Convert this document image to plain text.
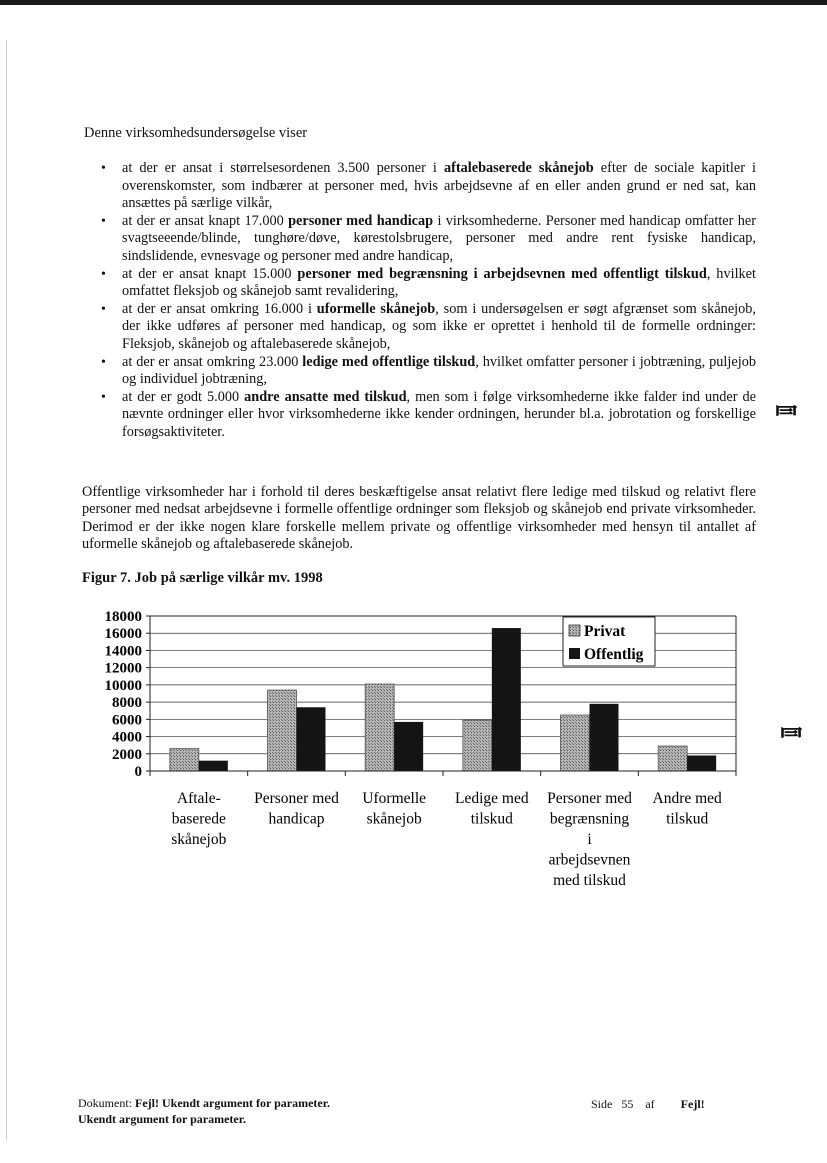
Denne virksomhedsundersøgelse viser

• at der er ansat i størrelsesordenen 3.500 personer i aftalebaserede skånejob efter de sociale kapitler i overenskomster, som indbærer at personer med, hvis arbejdsevne af en eller anden grund er ned sat, kan ansættes på særlige vilkår,
• at der er ansat knapt 17.000 personer med handicap i virksomhederne. Personer med handicap omfatter her svagtseeende/blinde, tunghøre/døve, kørestolsbrugere, personer med andre rent fysiske handicap, sindslidende, evnesvage og personer med andre handicap,
• at der er ansat knapt 15.000 personer med begrænsning i arbejdsevnen med offentligt tilskud, hvilket omfattet fleksjob og skånejob samt revalidering,
• at der er ansat omkring 16.000 i uformelle skånejob, som i undersøgelsen er søgt afgrænset som skånejob, der ikke udføres af personer med handicap, og som ikke er oprettet i henhold til de formelle ordninger: Fleksjob, skånejob og aftalebaserede skånejob,
• at der er ansat omkring 23.000 ledige med offentlige tilskud, hvilket omfatter personer i jobtræning, puljejob og individuel jobtræning,
• at der er godt 5.000 andre ansatte med tilskud, men som i følge virksomhederne ikke falder ind under de nævnte ordninger eller hvor virksomhederne ikke kender ordningen, herunder bl.a. jobrotation og forskellige forsøgsaktiviteter.

Offentlige virksomheder har i forhold til deres beskæftigelse ansat relativt flere ledige med tilskud og relativt flere personer med nedsat arbejdsevne i formelle offentlige ordninger som fleksjob og skånejob end private virksomheder. Derimod er der ikke nogen klare forskelle mellem private og offentlige virksomheder med hensyn til antallet af uformelle skånejob og aftalebaserede skånejob.

Figur 7. Job på særlige vilkår mv. 1998

18000
16000
14000
12000
10000
8000
6000
4000
2000
0
Aftale-
baserede
skånejob
Personer med
handicap
Uformelle
skånejob
Ledige med
tilskud
Personer med
begrænsning
i
arbejdsevnen
med tilskud
Andre med
tilskud
Privat
Offentlig
Dokument: Fejl! Ukendt argument for parameter.
Ukendt argument for parameter.
Side 55 af Fejl!
⺜
⺜
